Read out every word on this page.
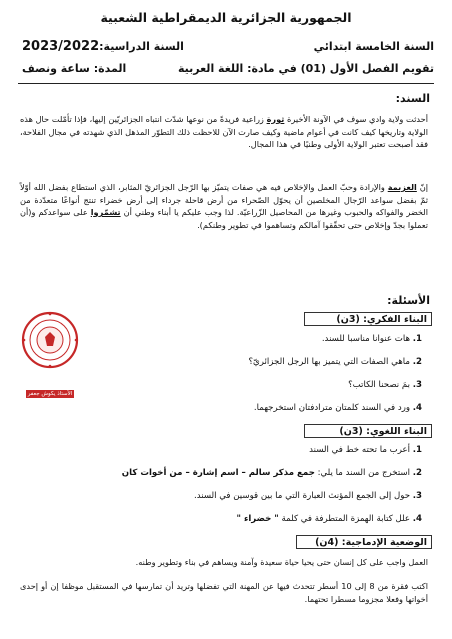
الجمهورية الجزائرية الديمقراطية الشعبية
السنة الخامسة ابتدائي
السنة الدراسية:2023/2022
تقويم الفصل الأول (01) في مادة: اللغة العربية
المدة: ساعة ونصف
السند:
أحدثت ولاية وادي سوف في الآونة الأخيرة ثورة زراعية فريدةً من نوعها شدّت انتباه الجزائريّين إليها، فإذا تأمّلت حال هذه الولاية وتاريخها كيف كانت في أعوام ماضية وكيف صارت الآن للاحظت ذلك التطوّر المذهل الذي شهدته في مجال الفلاحة، فقد أصبحت تعتبر الولاية الأولى وطنيًا في هذا المجال.
إنّ العزيمة والإرادة وحبّ العمل والإخلاص فيه هي صفات يتميّز بها الرّجل الجزائريّ المثابر، الذي استطاع بفضل الله أوّلاً ثمّ بفضل سواعد الرّجال المخلصين أن يحوّل الصّحراء من أرض قاحلة جرداء إلى أرض خضراء تنتج أنواعًا متعدّدة من الخضر والفواكه والحبوب وغيرها من المحاصيل الزّراعيّة. لذا وجب عليكم يا أبناء وطني أن تشمّروا على سواعدكم و(أن تعملوا بجدّ وإخلاص حتى تحقّقوا آمالكم وتساهموا في تطوير وطنكم).
الأسئلة:
البناء الفكري: (3ن)
1. هات عنوانا مناسبا للسند.
2. ماهي الصفات التي يتميز بها الرجل الجزائريّ؟
3. بمَ نصحنا الكاتب؟
4. ورد في السند كلمتان مترادفتان استخرجهما.
البناء اللغوي: (3ن)
1. أعرب ما تحته خط في السند
2. استخرج من السند ما يلي: جمع مذكر سالم – اسم إشارة – من أخوات كان
3. حول إلى الجمع المؤنث العبارة التي ما بين قوسين في السند.
4. علل كتابة الهمزة المتطرفة في كلمة " خضراء "
الوضعية الإدماجية: (4ن)
العمل واجب على كل إنسان حتى يحيا حياة سعيدة وآمنة ويساهم في بناء وتطوير وطنه.
اكتب فقرة من 8 إلى 10 أسطر تتحدث فيها عن المهنة التي تفضلها وتريد أن تمارسها في المستقبل موظفا إن أو إحدى أخواتها وفعلا مجزوما مسطرا تحتهما.
الأستاذ يكوش جعفر
